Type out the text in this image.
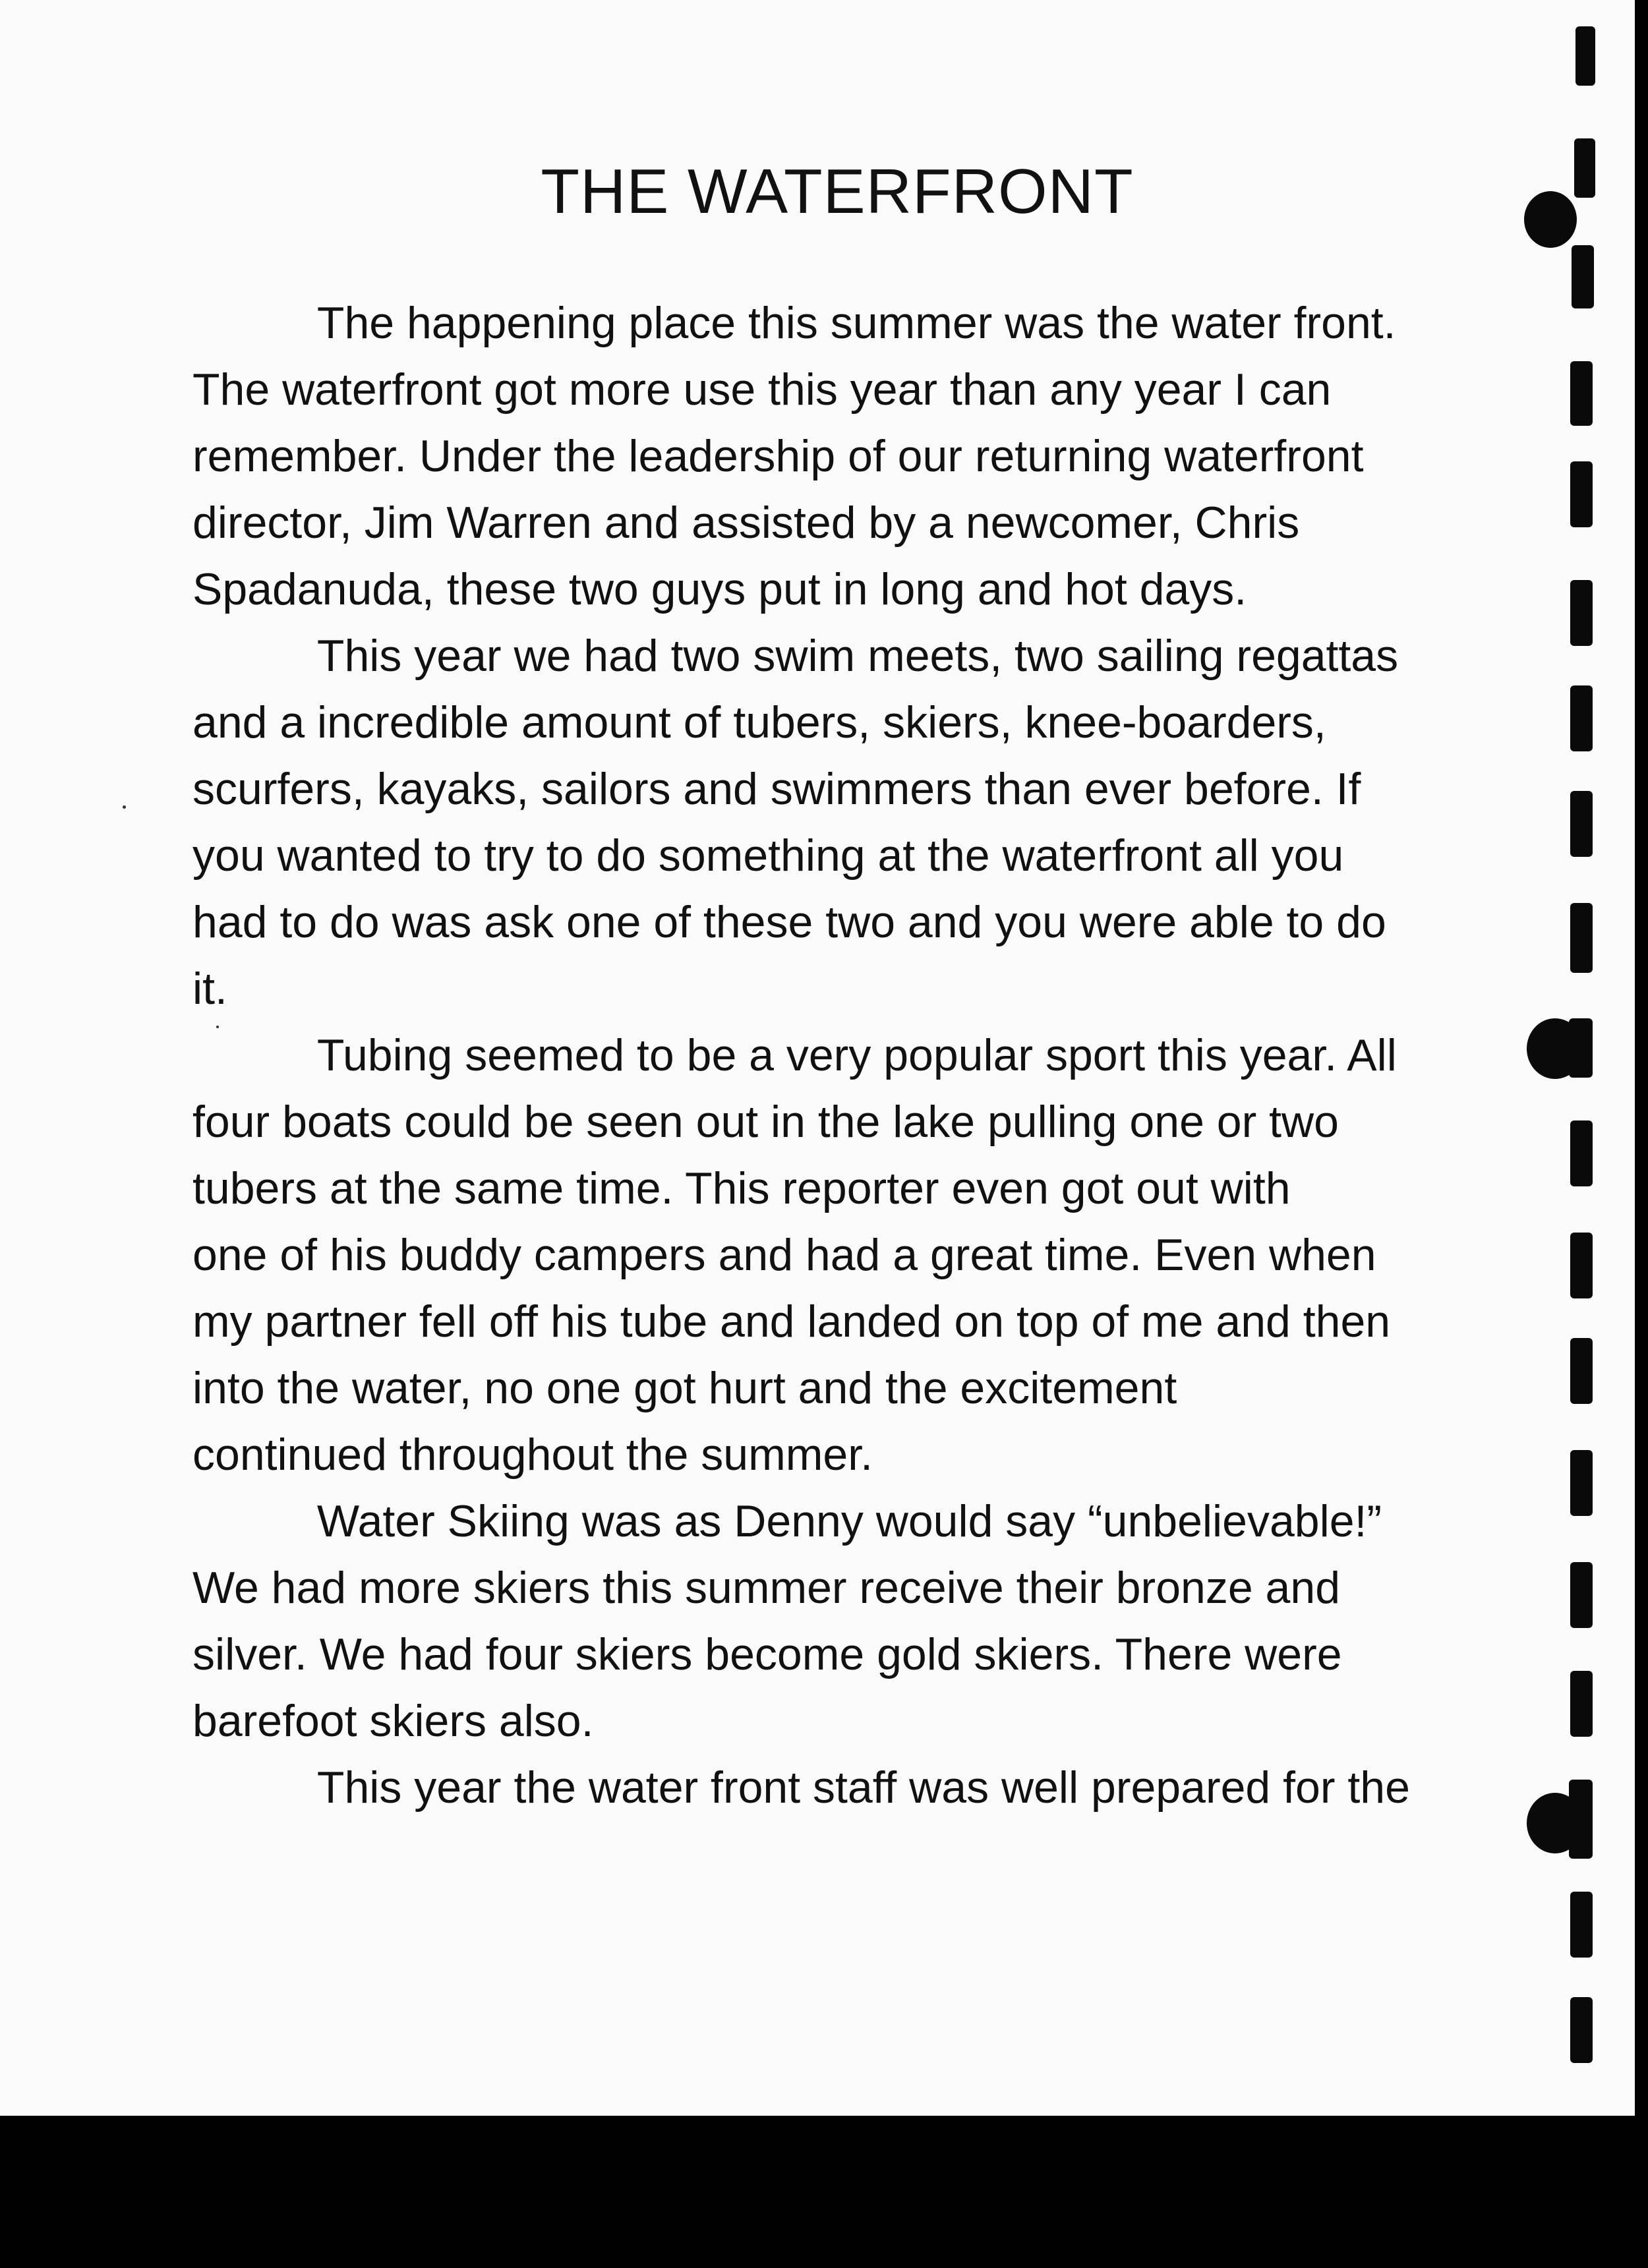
THE WATERFRONT

The happening place this summer was the water front.
The waterfront got more use this year than any year I can
remember. Under the leadership of our returning waterfront
director, Jim Warren and assisted by a newcomer, Chris
Spadanuda, these two guys put in long and hot days.

This year we had two swim meets, two sailing regattas
and a incredible amount of tubers, skiers, knee-boarders,
scurfers, kayaks, sailors and swimmers than ever before. If
you wanted to try to do something at the waterfront all you
had to do was ask one of these two and you were able to do
it.

Tubing seemed to be a very popular sport this year. All
four boats could be seen out in the lake pulling one or two
tubers at the same time. This reporter even got out with
one of his buddy campers and had a great time. Even when
my partner fell off his tube and landed on top of me and then
into the water, no one got hurt and the excitement
continued throughout the summer.

Water Skiing was as Denny would say “unbelievable!”
We had more skiers this summer receive their bronze and
silver. We had four skiers become gold skiers. There were
barefoot skiers also.

This year the water front staff was well prepared for the
